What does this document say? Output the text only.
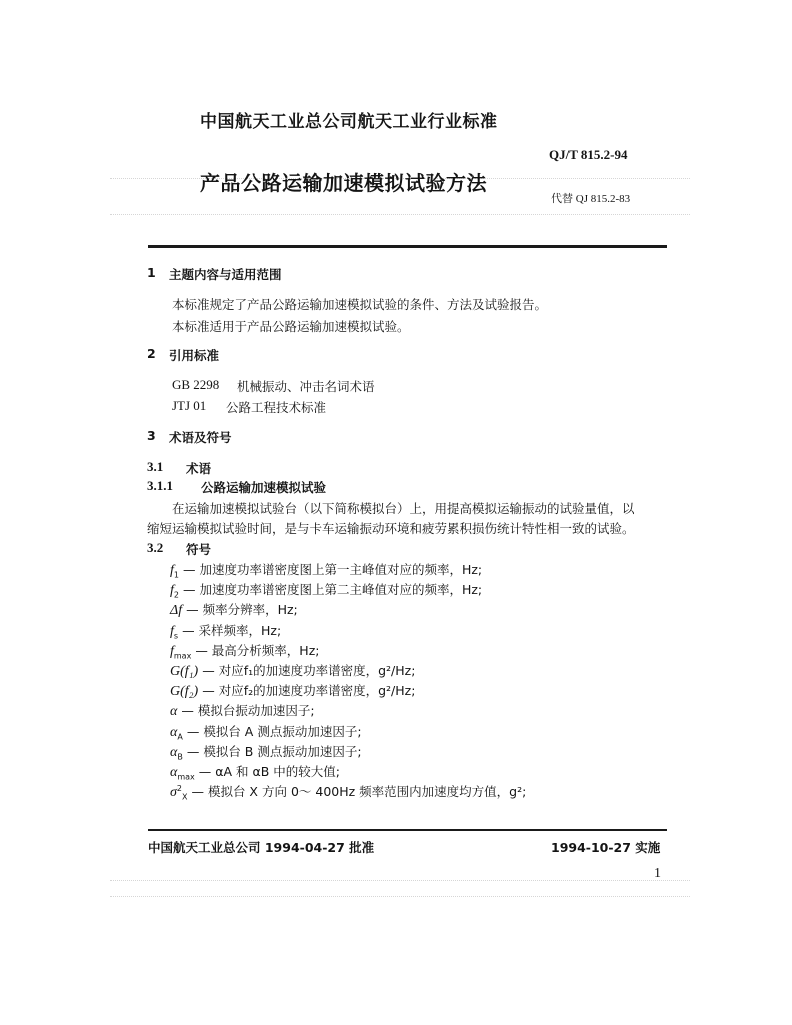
中国航天工业总公司航天工业行业标准
QJ/T 815.2-94
产品公路运输加速模拟试验方法
代替 QJ 815.2-83
1 主题内容与适用范围
本标准规定了产品公路运输加速模拟试验的条件、方法及试验报告。
本标准适用于产品公路运输加速模拟试验。
2 引用标准
GB 2298 机械振动、冲击名词术语
JTJ 01 公路工程技术标准
3 术语及符号
3.1 术语
3.1.1 公路运输加速模拟试验
在运输加速模拟试验台（以下简称模拟台）上，用提高模拟运输振动的试验量值，以
缩短运输模拟试验时间，是与卡车运输振动环境和疲劳累积损伤统计特性相一致的试验。
3.2 符号
$f_1$ — 加速度功率谱密度图上第一主峰值对应的频率，Hz;
$f_2$ — 加速度功率谱密度图上第二主峰值对应的频率，Hz;
Δf — 频率分辨率，Hz;
$f_s$ — 采样频率，Hz;
$f_{max}$ — 最高分析频率，Hz;
G(f₁) — 对应f₁的加速度功率谱密度，g²/Hz;
G(f₂) — 对应f₂的加速度功率谱密度，g²/Hz;
α — 模拟台振动加速因子;
$\alpha_A$ — 模拟台 A 测点振动加速因子;
$\alpha_B$ — 模拟台 B 测点振动加速因子;
$\alpha_{max}$ — αA 和 αB 中的较大值;
$\sigma^2_X$ — 模拟台 X 方向 0～ 400Hz 频率范围内加速度均方值，g²;
中国航天工业总公司 1994-04-27 批准	1994-10-27 实施
1
